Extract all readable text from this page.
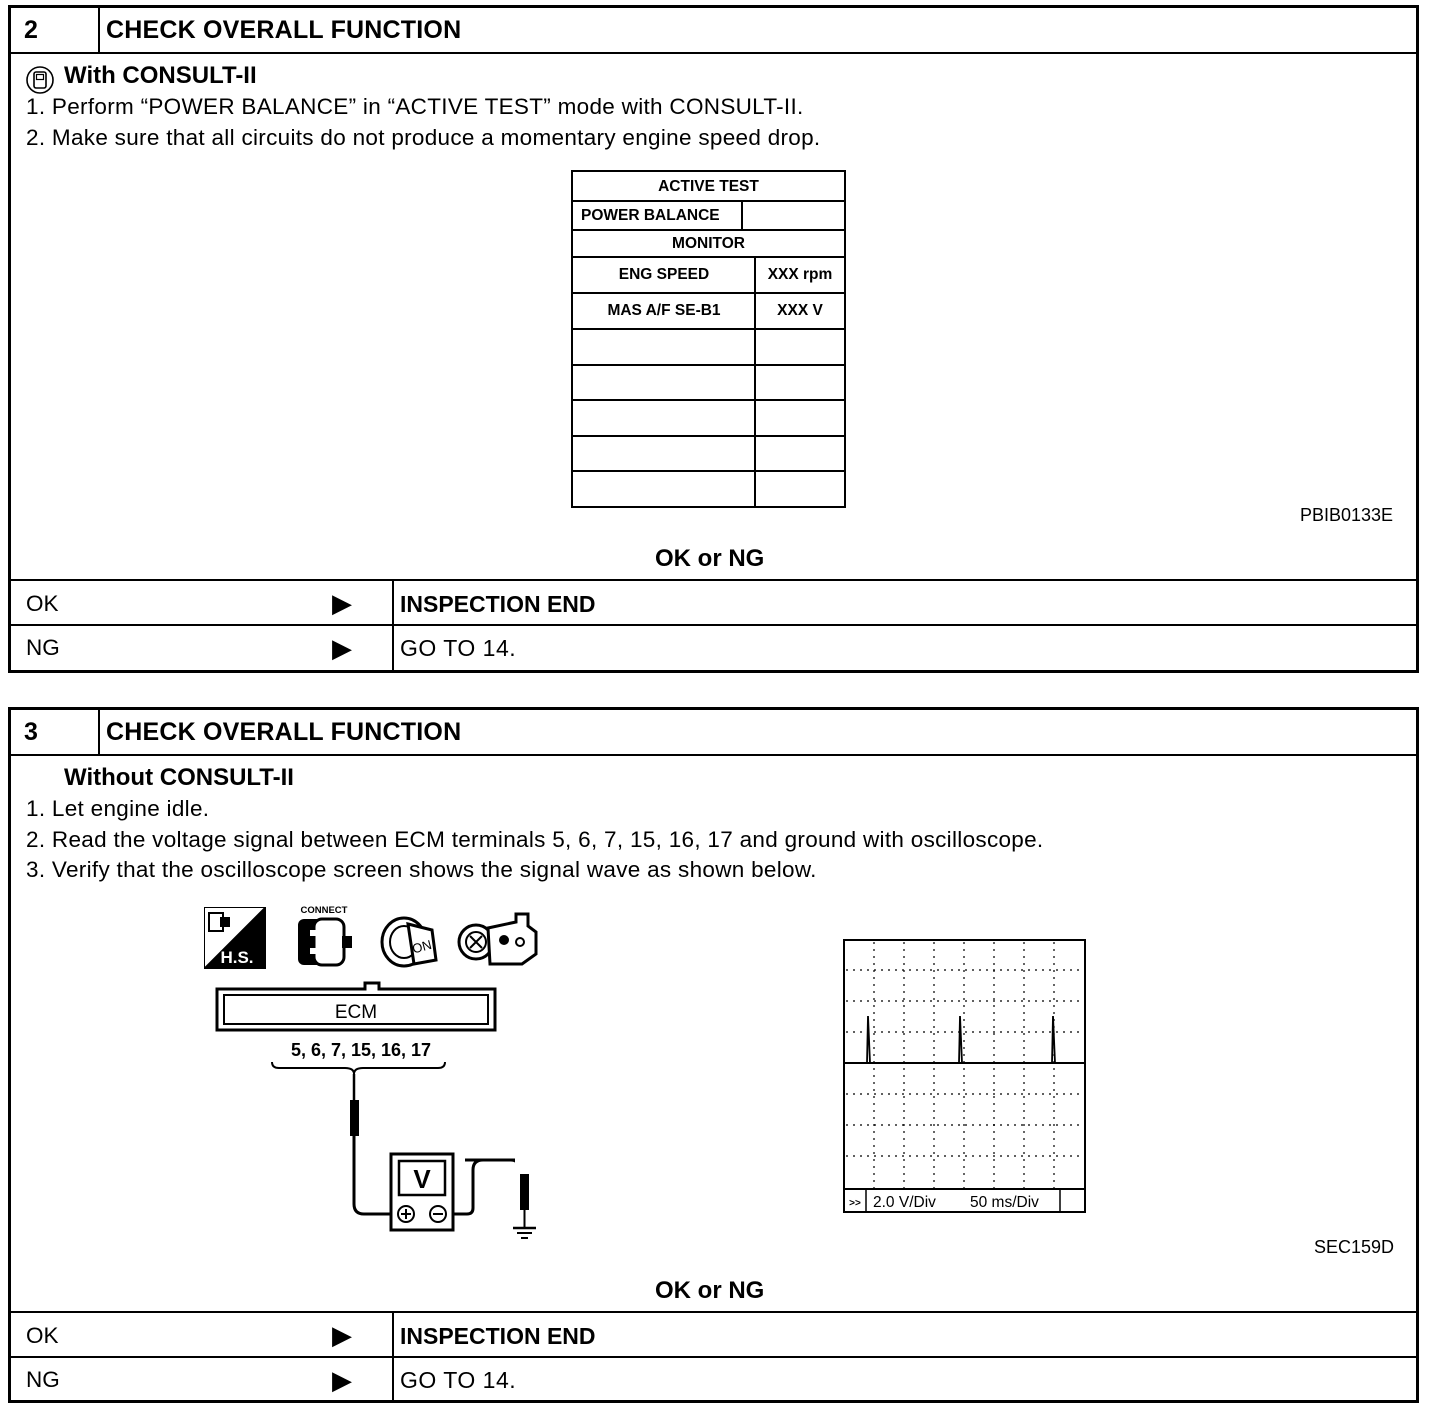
2	CHECK OVERALL FUNCTION
With CONSULT-II
1. Perform “POWER BALANCE” in “ACTIVE TEST” mode with CONSULT-II.
2. Make sure that all circuits do not produce a momentary engine speed drop.
ACTIVE TEST
POWER BALANCE
MONITOR
ENG SPEED	XXX rpm
MAS A/F SE-B1	XXX V
PBIB0133E
OK or NG
OK	▶ INSPECTION END
NG	▶ GO TO 14.
3	CHECK OVERALL FUNCTION
Without CONSULT-II
1. Let engine idle.
2. Read the voltage signal between ECM terminals 5, 6, 7, 15, 16, 17 and ground with oscilloscope.
3. Verify that the oscilloscope screen shows the signal wave as shown below.
H.S.
CONNECT
ON
ECM
5, 6, 7, 15, 16, 17
V
>> 2.0 V/Div 50 ms/Div
SEC159D
OK or NG
OK	▶ INSPECTION END
NG	▶ GO TO 14.
